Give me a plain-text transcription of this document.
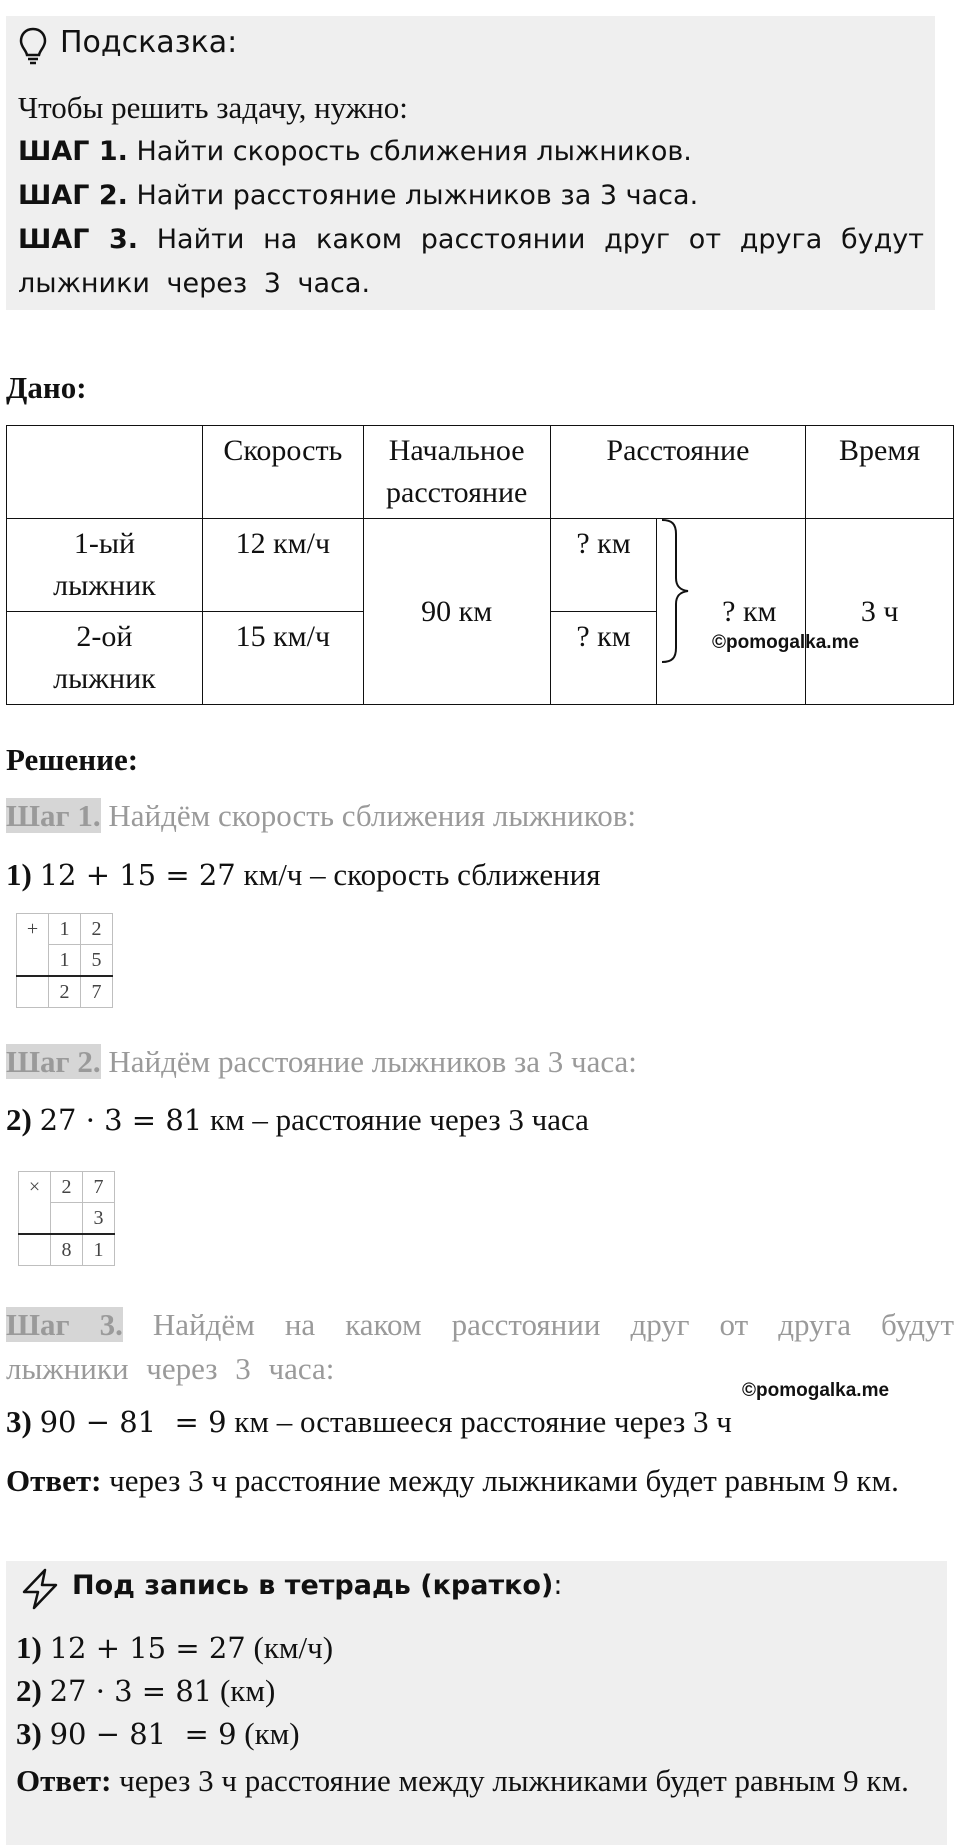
Подсказка:
Чтобы решить задачу, нужно:
ШАГ 1. Найти скорость сближения лыжников.
ШАГ 2. Найти расстояние лыжников за 3 часа.
ШАГ 3. Найти на каком расстоянии друг от друга будут лыжники через 3 часа.
Дано:
	Скорость	Начальное расстояние	Расстояние		Время
1-ый лыжник	12 км/ч	90 км	? км	? км	3 ч
2-ой лыжник	15 км/ч		? км			©pomogalka.me
Решение:
Шаг 1. Найдём скорость сближения лыжников:
1) 12 + 15 = 27 км/ч – скорость сближения
+	1	2
	1	5
	2	7
Шаг 2. Найдём расстояние лыжников за 3 часа:
2) 27 · 3 = 81 км – расстояние через 3 часа
×	2	7
		3
	8	1
Шаг 3. Найдём на каком расстоянии друг от друга будут лыжники через 3 часа:
©pomogalka.me
3) 90 − 81  = 9 км – оставшееся расстояние через 3 ч
Ответ: через 3 ч расстояние между лыжниками будет равным 9 км.
Под запись в тетрадь (кратко):
1) 12 + 15 = 27 (км/ч)
2) 27 · 3 = 81 (км)
3) 90 − 81  = 9 (км)
Ответ: через 3 ч расстояние между лыжниками будет равным 9 км.
